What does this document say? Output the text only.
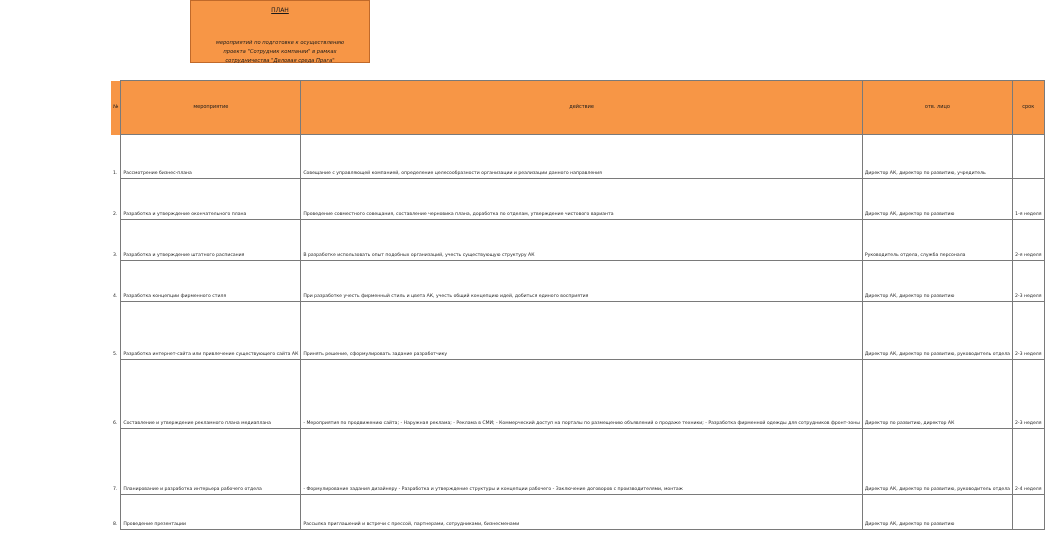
ПЛАН
мероприятий по подготовке к осуществлению
проекта "Сотрудник компании" в рамках
сотрудничества "Деловая среда Прага"
№	мероприятие	действие	отв. лицо	срок
1.	Рассмотрение бизнес-плана	Совещание с управляющей компанией, определение целесообразности организации и реализации данного направления	Директор АК, директор по развитию, учредитель	
2.	Разработка и утверждение окончательного плана	Проведение совместного совещания, составление черновика плана, доработка по отделам, утверждение чистового варианта	Директор АК, директор по развитию	1-я неделя
3.	Разработка и утверждение штатного расписания	В разработке использовать опыт подобных организаций, учесть существующую структуру АК	Руководитель отдела, служба персонала	2-я неделя
4.	Разработка концепции фирменного стиля	При разработке учесть фирменный стиль и цвета АК, учесть общий концепцию идей, добиться единого восприятия	Директор АК, директор по развитию	2-3 неделя
5.	Разработка интернет-сайта или привлечение существующего сайта АК	Принять решение, сформулировать задание разработчику	Директор АК, директор по развитию, руководитель отдела	2-3 неделя
6.	Составление и утверждение рекламного плана медиаплана	- Мероприятия по продвижению сайта; - Наружная реклама; - Реклама в СМИ; - Коммерческий доступ на порталы по размещению объявлений о продаже техники; - Разработка фирменной одежды для сотрудников фронт-зоны	Директор по развитию, директор АК	2-3 неделя
7.	Планирование и разработка интерьера рабочего отдела	- Формулирование задания дизайнеру - Разработка и утверждение структуры и концепции рабочего - Заключение договоров с производителями, монтаж	Директор АК, директор по развитию, руководитель отдела	2-4 неделя
8.	Проведение презентации	Рассылка приглашений и встречи с прессой, партнерами, сотрудниками, бизнесменами	Директор АК, директор по развитию	
